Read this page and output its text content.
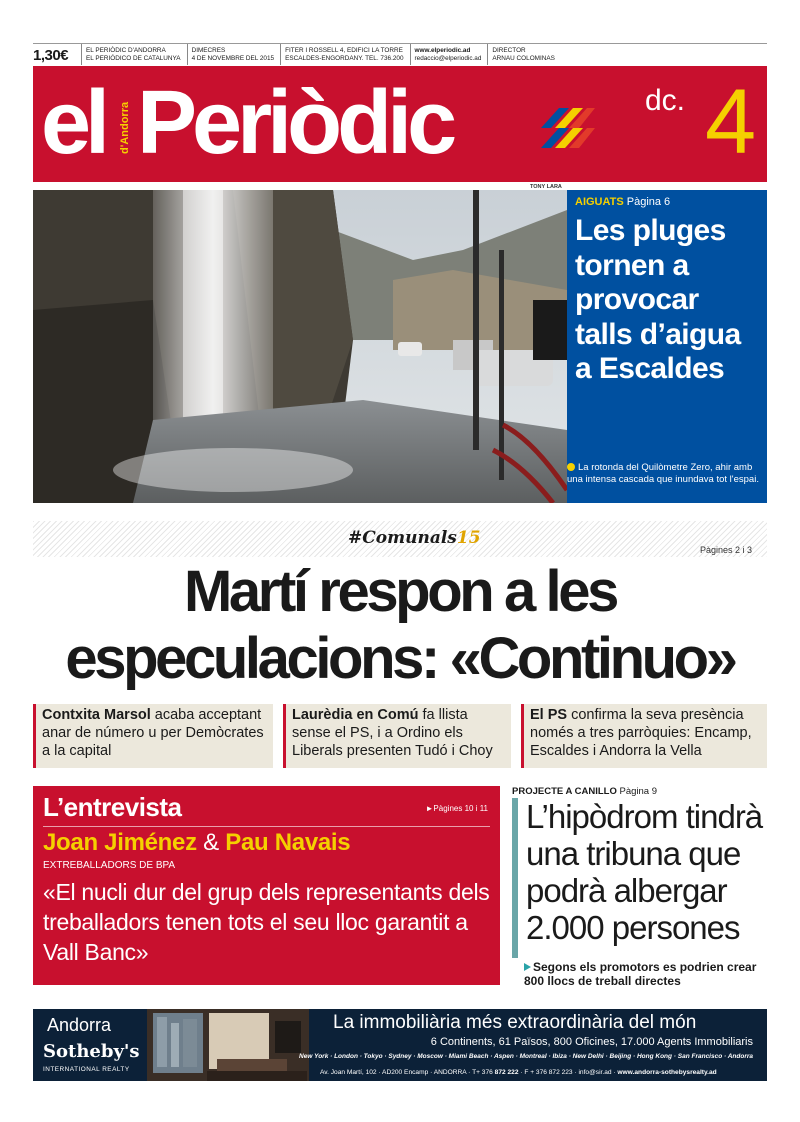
1,30€	EL PERIÒDIC D'ANDORRA
EL PERIÓDICO DE CATALUNYA
DIMECRES
4 DE NOVEMBRE DEL 2015
FITER I ROSSELL 4, EDIFICI LA TORRE
ESCALDES-ENGORDANY. TEL. 736.200
www.elperiodic.ad
redaccio@elperiodic.ad
DIRECTOR
ARNAU COLOMINAS
el d'Andorra Periòdic	dc. 4
TONY LARA
AIGUATS Pàgina 6
Les pluges tornen a provocar talls d’aigua a Escaldes
La rotonda del Quilòmetre Zero, ahir amb una intensa cascada que inundava tot l'espai.
#Comunals15
Pàgines 2 i 3
Martí respon a les
especulacions: «Continuo»
Contxita Marsol acaba acceptant anar de número u per Demòcrates a la capital
Laurèdia en Comú fa llista sense el PS, i a Ordino els Liberals presenten Tudó i Choy
El PS confirma la seva presència només a tres parròquies: Encamp, Escaldes i Andorra la Vella
L’entrevista	►Pàgines 10 i 11
Joan Jiménez & Pau Navais
EXTREBALLADORS DE BPA
«El nucli dur del grup dels representants dels treballadors tenen tots el seu lloc garantit a Vall Banc»
PROJECTE A CANILLO Pàgina 9
L’hipòdrom tindrà una tribuna que podrà albergar 2.000 persones
Segons els promotors es podrien crear 800 llocs de treball directes
Andorra
Sotheby's
INTERNATIONAL REALTY
La immobiliària més extraordinària del món
6 Continents, 61 Països, 800 Oficines, 17.000 Agents Immobiliaris
New York · London · Tokyo · Sydney · Moscow · Miami Beach · Aspen · Montreal · Ibiza · New Delhi · Beijing · Hong Kong · San Francisco · Andorra
Av. Joan Martí, 102 · AD200 Encamp · ANDORRA · T+ 376 872 222 · F + 376 872 223 · info@sir.ad · www.andorra-sothebysrealty.ad
